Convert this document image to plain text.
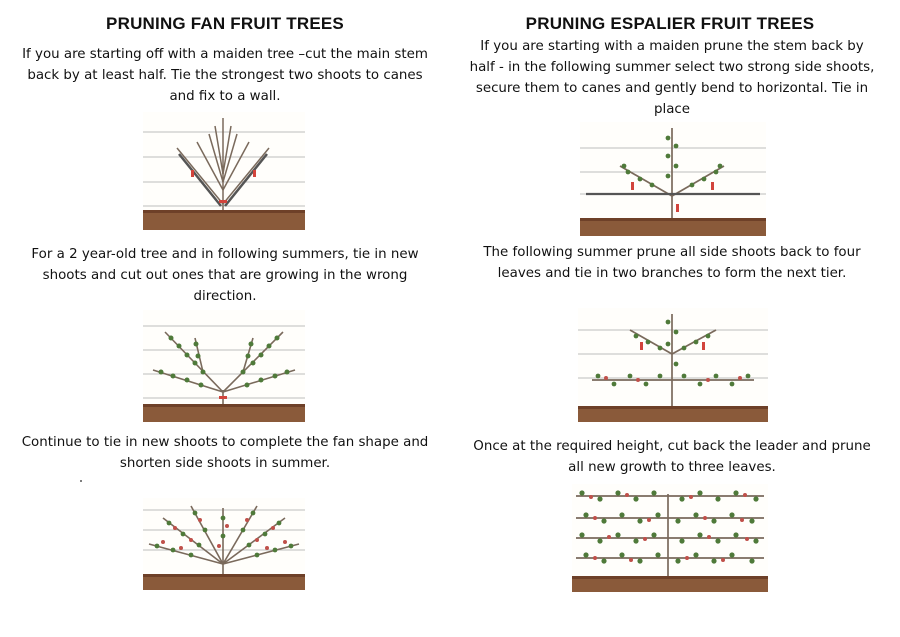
PRUNING FAN FRUIT TREES

If you are starting off with a maiden tree –cut the main stem back by at least half. Tie the strongest two shoots to canes and fix to a wall.

For a 2 year-old tree and in following summers, tie in new shoots and cut out ones that are growing in the wrong direction.

Continue to tie in new shoots to complete the fan shape and shorten side shoots in summer.

PRUNING ESPALIER FRUIT TREES

If you are starting with a maiden prune the stem back by half - in the following summer select two strong side shoots, secure them to canes and gently bend to horizontal. Tie in place

The following summer prune all side shoots back to four leaves and tie in two branches to form the next tier.

Once at the required height, cut back the leader and prune all new growth to three leaves.
